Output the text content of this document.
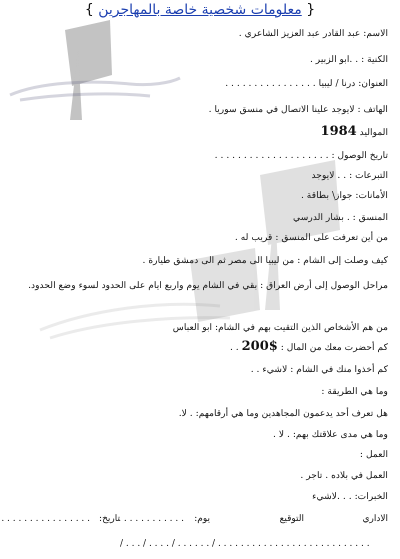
{ معلومات شخصية خاصة بالمهاجرين }
الاسم: عبد القادر عبد العزيز الشاعري .
الكنية : . .ابو الزبير .
العنوان: درنا / ليبيا . . . . . . . . . . . . . . . .
الهاتف : لايوجد علينا الاتصال في منسق سوريا .
المواليد 1984
تاريخ الوصول : . . . . . . . . . . . . . . . . . . . .
التبرعات : . . لايوجد
الأمانات: جواز\ بطاقة .
المنسق : . بشار الدرسي
من أين تعرفت على المنسق : قريب له .
كيف وصلت إلى الشام : من ليبيا الى مصر ثم الى دمشق طيارة .
مراحل الوصول إلى أرض العراق : بقي في الشام يوم واربع ايام على الحدود لسوء وضع الحدود.
من هم الأشخاص الذين التقيت بهم في الشام: ابو العباس
كم أحضرت معك من المال : $200 . .
كم أخذوا منك في الشام : لاشيء . .
وما هي الطريقة :
هل تعرف أحد يدعمون المجاهدين وما هي أرقامهم: . لا.
وما هي مدى علاقتك بهم: . لا .
العمل :
العمل في بلاده . تاجر .
الخبرات: . . .لاشيء
الاداري
التوقيع
يوم:
. . . . . . . . . . . .
تاريخ:
. . . . . . . . . . . . . . . .
/ . . . / . . . . / . . . . . . / . . . . . . . . . . . . . . . . . . . . . . . . . . .
